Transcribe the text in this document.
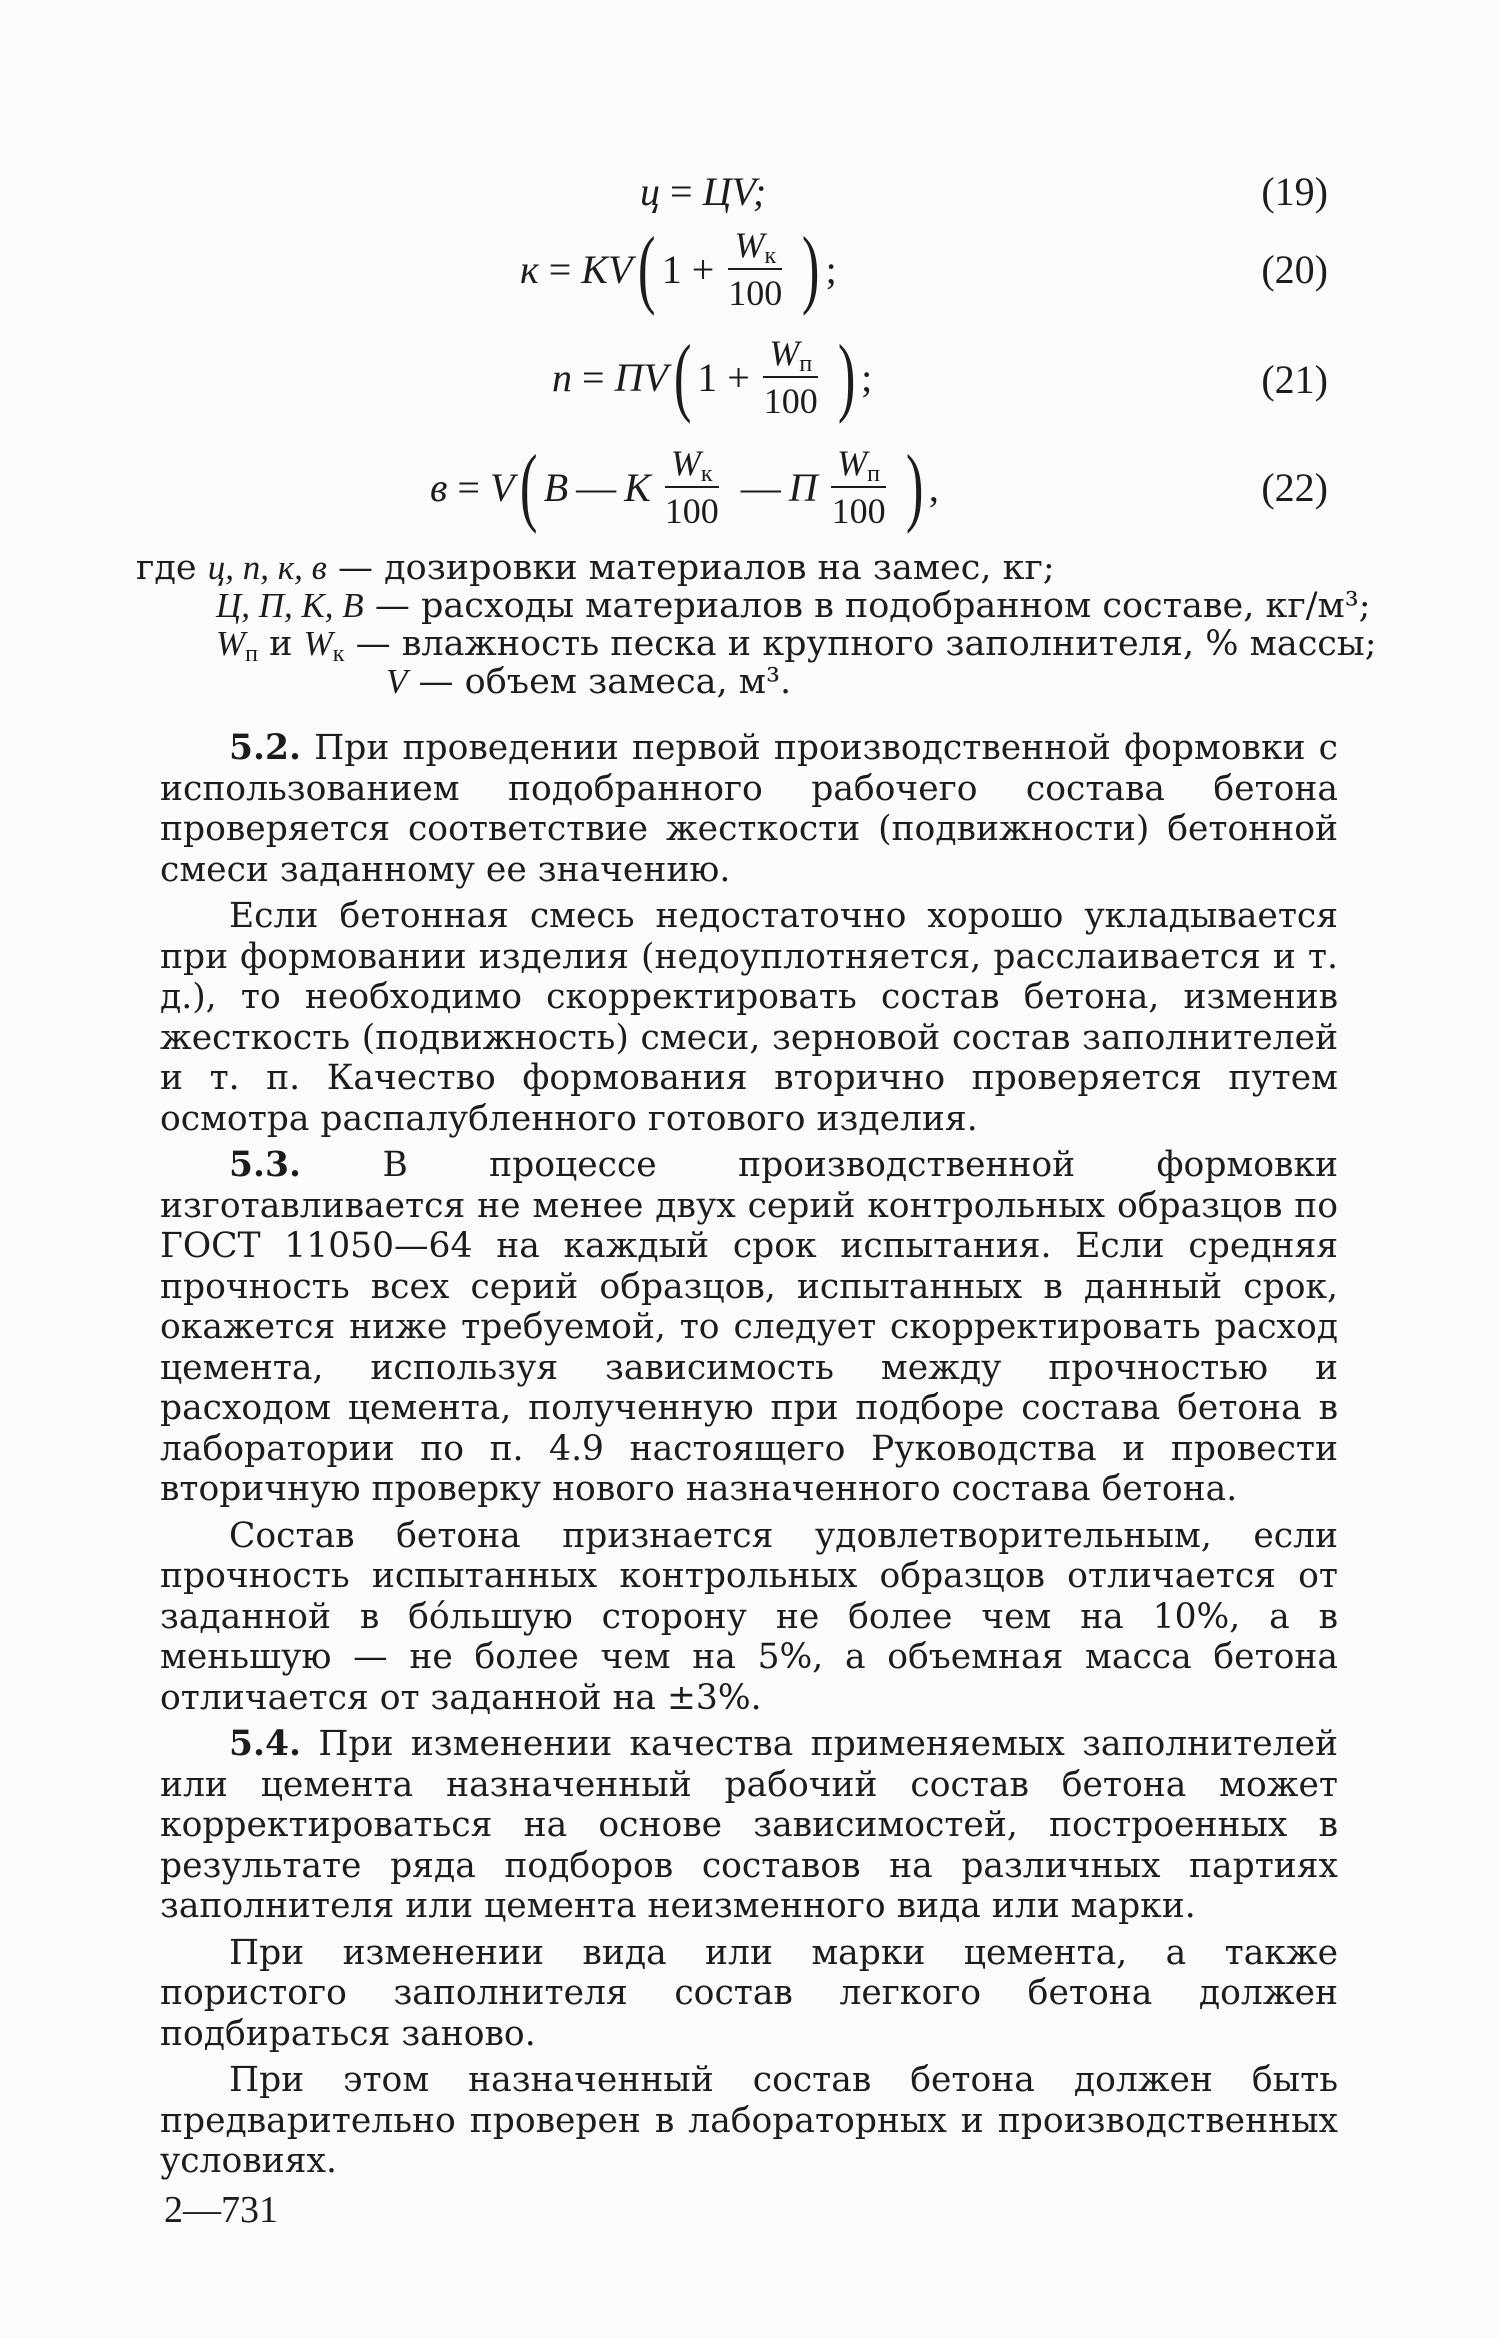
ц = ЦV;	(19)
к = KV ( $1 + \frac{Wк}{100}$ ) ;	(20)
п = ПV ( $1 + \frac{Wп}{100}$ ) ;	(21)
в = V ( В — К $\frac{Wк}{100}$ — П $\frac{Wп}{100}$ ) ,	(22)
где ц, п, к, в — дозировки материалов на замес, кг;
Ц, П, К, В — расходы материалов в подобранном составе, кг/м³;
Wп и Wк — влажность песка и крупного заполнителя, % массы;
V — объем замеса, м³.

5.2. При проведении первой производственной формовки с использованием подобранного рабочего состава бетона проверяется соответствие жесткости (подвижности) бетонной смеси заданному ее значению.

Если бетонная смесь недостаточно хорошо укладывается при формовании изделия (недоуплотняется, расслаивается и т. д.), то необходимо скорректировать состав бетона, изменив жесткость (подвижность) смеси, зерновой состав заполнителей и т. п. Качество формования вторично проверяется путем осмотра распалубленного готового изделия.

5.3. В процессе производственной формовки изготавливается не менее двух серий контрольных образцов по ГОСТ 11050—64 на каждый срок испытания. Если средняя прочность всех серий образцов, испытанных в данный срок, окажется ниже требуемой, то следует скорректировать расход цемента, используя зависимость между прочностью и расходом цемента, полученную при подборе состава бетона в лаборатории по п. 4.9 настоящего Руководства и провести вторичную проверку нового назначенного состава бетона.

Состав бетона признается удовлетворительным, если прочность испытанных контрольных образцов отличается от заданной в бóльшую сторону не более чем на 10%, а в меньшую — не более чем на 5%, а объемная масса бетона отличается от заданной на ±3%.

5.4. При изменении качества применяемых заполнителей или цемента назначенный рабочий состав бетона может корректироваться на основе зависимостей, построенных в результате ряда подборов составов на различных партиях заполнителя или цемента неизменного вида или марки.

При изменении вида или марки цемента, а также пористого заполнителя состав легкого бетона должен подбираться заново.

При этом назначенный состав бетона должен быть предварительно проверен в лабораторных и производственных условиях.

2—731
